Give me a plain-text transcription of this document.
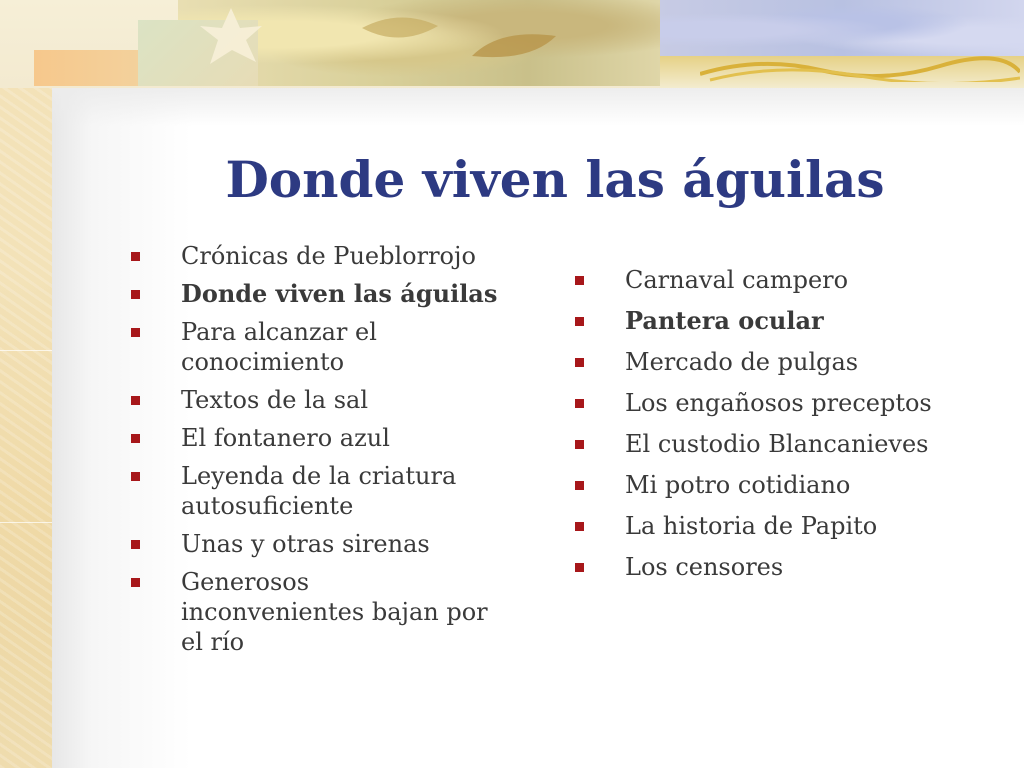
Donde viven las águilas
Crónicas de Pueblorrojo
Donde viven las águilas
Para alcanzar el
conocimiento
Textos de la sal
El fontanero azul
Leyenda de la criatura
autosuficiente
Unas y otras sirenas
Generosos
inconvenientes bajan por
el río
Carnaval campero
Pantera ocular
Mercado de pulgas
Los engañosos preceptos
El custodio Blancanieves
Mi potro cotidiano
La historia de Papito
Los censores
